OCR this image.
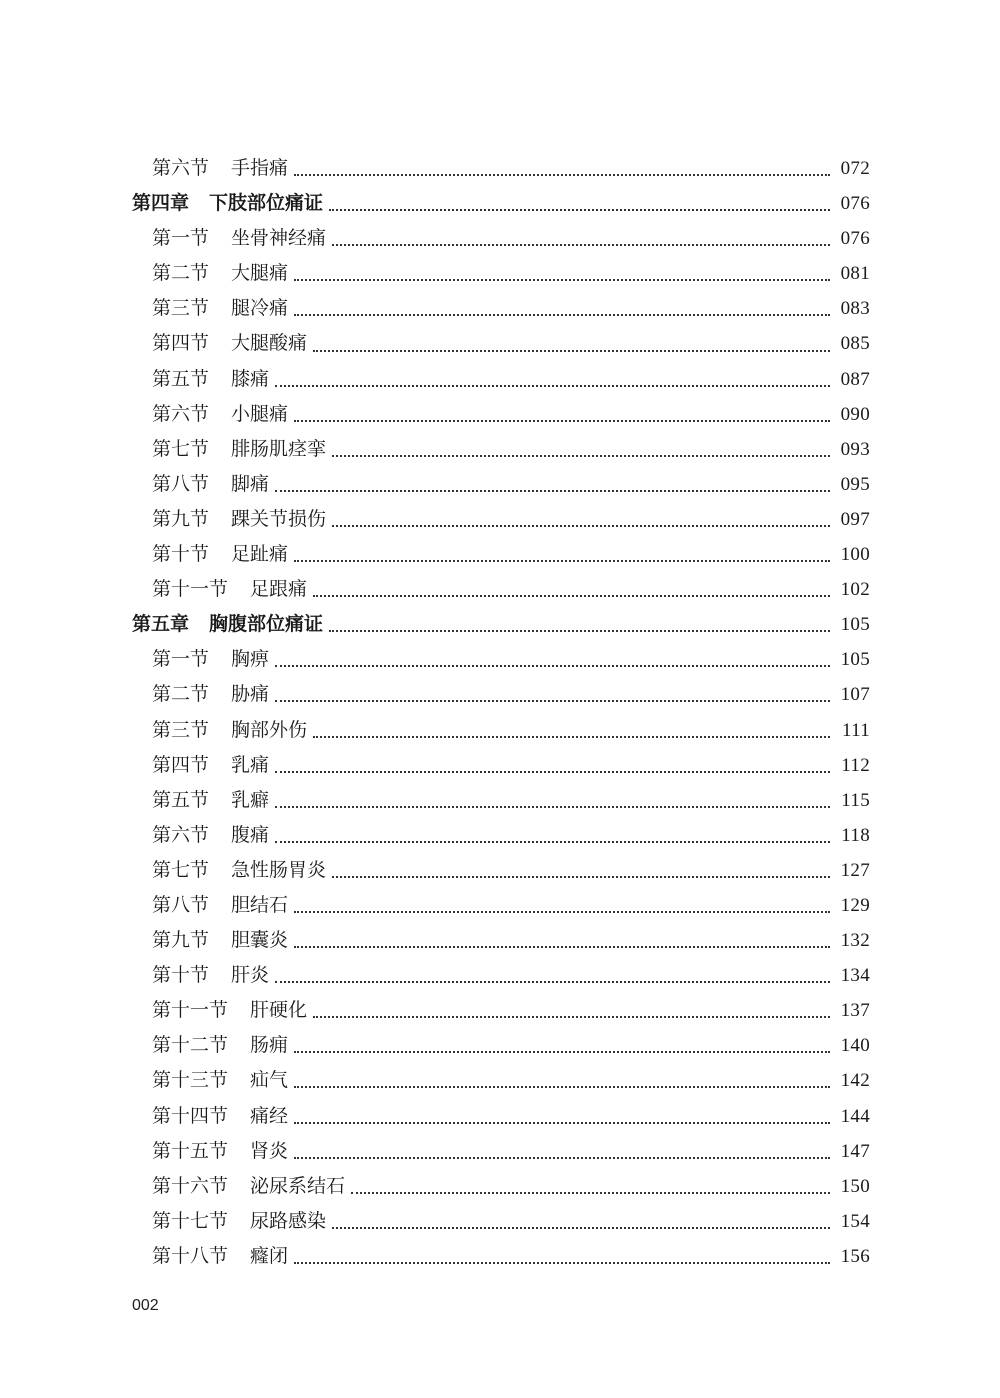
第六节 手指痛	072
第四章 下肢部位痛证	076
第一节 坐骨神经痛	076
第二节 大腿痛	081
第三节 腿冷痛	083
第四节 大腿酸痛	085
第五节 膝痛	087
第六节 小腿痛	090
第七节 腓肠肌痉挛	093
第八节 脚痛	095
第九节 踝关节损伤	097
第十节 足趾痛	100
第十一节 足跟痛	102
第五章 胸腹部位痛证	105
第一节 胸痹	105
第二节 胁痛	107
第三节 胸部外伤	111
第四节 乳痛	112
第五节 乳癖	115
第六节 腹痛	118
第七节 急性肠胃炎	127
第八节 胆结石	129
第九节 胆囊炎	132
第十节 肝炎	134
第十一节 肝硬化	137
第十二节 肠痈	140
第十三节 疝气	142
第十四节 痛经	144
第十五节 肾炎	147
第十六节 泌尿系结石	150
第十七节 尿路感染	154
第十八节 癃闭	156
002
